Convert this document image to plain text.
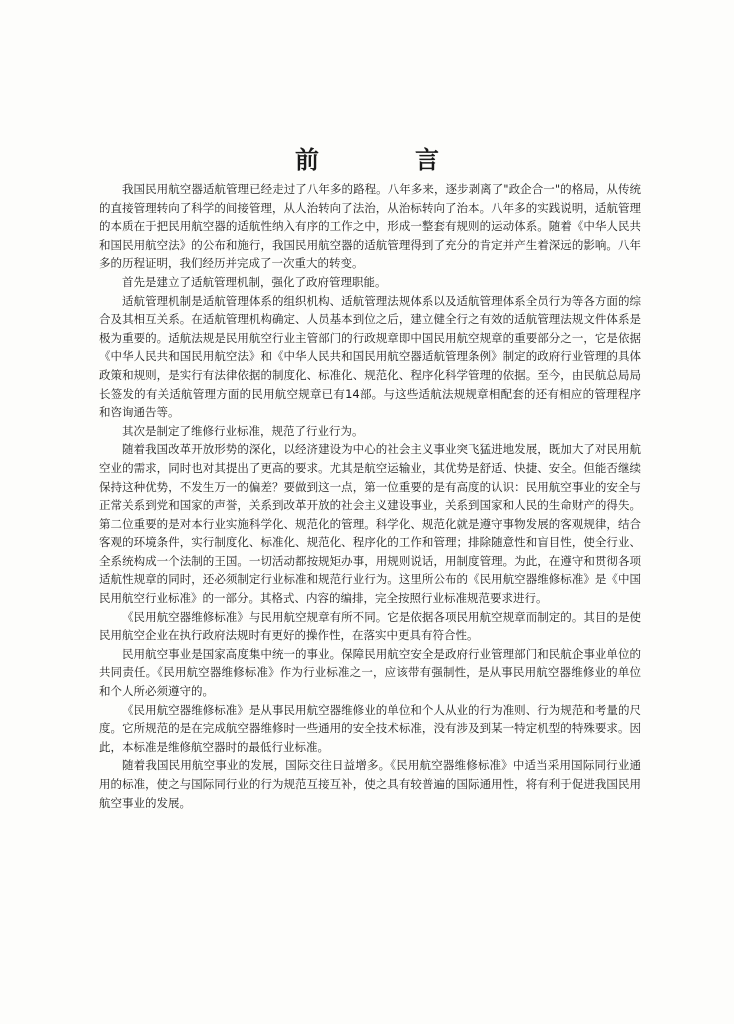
前	言

我国民用航空器适航管理已经走过了八年多的路程。八年多来，逐步剥离了"政企合一"的格局，从传统的直接管理转向了科学的间接管理，从人治转向了法治，从治标转向了治本。八年多的实践说明，适航管理的本质在于把民用航空器的适航性纳入有序的工作之中，形成一整套有规则的运动体系。随着《中华人民共和国民用航空法》的公布和施行，我国民用航空器的适航管理得到了充分的肯定并产生着深远的影响。八年多的历程证明，我们经历并完成了一次重大的转变。

首先是建立了适航管理机制，强化了政府管理职能。

适航管理机制是适航管理体系的组织机构、适航管理法规体系以及适航管理体系全员行为等各方面的综合及其相互关系。在适航管理机构确定、人员基本到位之后，建立健全行之有效的适航管理法规文件体系是极为重要的。适航法规是民用航空行业主管部门的行政规章即中国民用航空规章的重要部分之一，它是依据《中华人民共和国民用航空法》和《中华人民共和国民用航空器适航管理条例》制定的政府行业管理的具体政策和规则，是实行有法律依据的制度化、标准化、规范化、程序化科学管理的依据。至今，由民航总局局长签发的有关适航管理方面的民用航空规章已有14部。与这些适航法规规章相配套的还有相应的管理程序和咨询通告等。

其次是制定了维修行业标准，规范了行业行为。

随着我国改革开放形势的深化，以经济建设为中心的社会主义事业突飞猛进地发展，既加大了对民用航空业的需求，同时也对其提出了更高的要求。尤其是航空运输业，其优势是舒适、快捷、安全。但能否继续保持这种优势，不发生万一的偏差？要做到这一点，第一位重要的是有高度的认识：民用航空事业的安全与正常关系到党和国家的声誉，关系到改革开放的社会主义建设事业，关系到国家和人民的生命财产的得失。第二位重要的是对本行业实施科学化、规范化的管理。科学化、规范化就是遵守事物发展的客观规律，结合客观的环境条件，实行制度化、标准化、规范化、程序化的工作和管理；排除随意性和盲目性，使全行业、全系统构成一个法制的王国。一切活动都按规矩办事，用规则说话，用制度管理。为此，在遵守和贯彻各项适航性规章的同时，还必须制定行业标准和规范行业行为。这里所公布的《民用航空器维修标准》是《中国民用航空行业标准》的一部分。其格式、内容的编排，完全按照行业标准规范要求进行。

《民用航空器维修标准》与民用航空规章有所不同。它是依据各项民用航空规章而制定的。其目的是使民用航空企业在执行政府法规时有更好的操作性，在落实中更具有符合性。

民用航空事业是国家高度集中统一的事业。保障民用航空安全是政府行业管理部门和民航企事业单位的共同责任。《民用航空器维修标准》作为行业标准之一，应该带有强制性，是从事民用航空器维修业的单位和个人所必须遵守的。

《民用航空器维修标准》是从事民用航空器维修业的单位和个人从业的行为准则、行为规范和考量的尺度。它所规范的是在完成航空器维修时一些通用的安全技术标准，没有涉及到某一特定机型的特殊要求。因此，本标准是维修航空器时的最低行业标准。

随着我国民用航空事业的发展，国际交往日益增多。《民用航空器维修标准》中适当采用国际同行业通用的标准，使之与国际同行业的行为规范互接互补，使之具有较普遍的国际通用性，将有利于促进我国民用航空事业的发展。
